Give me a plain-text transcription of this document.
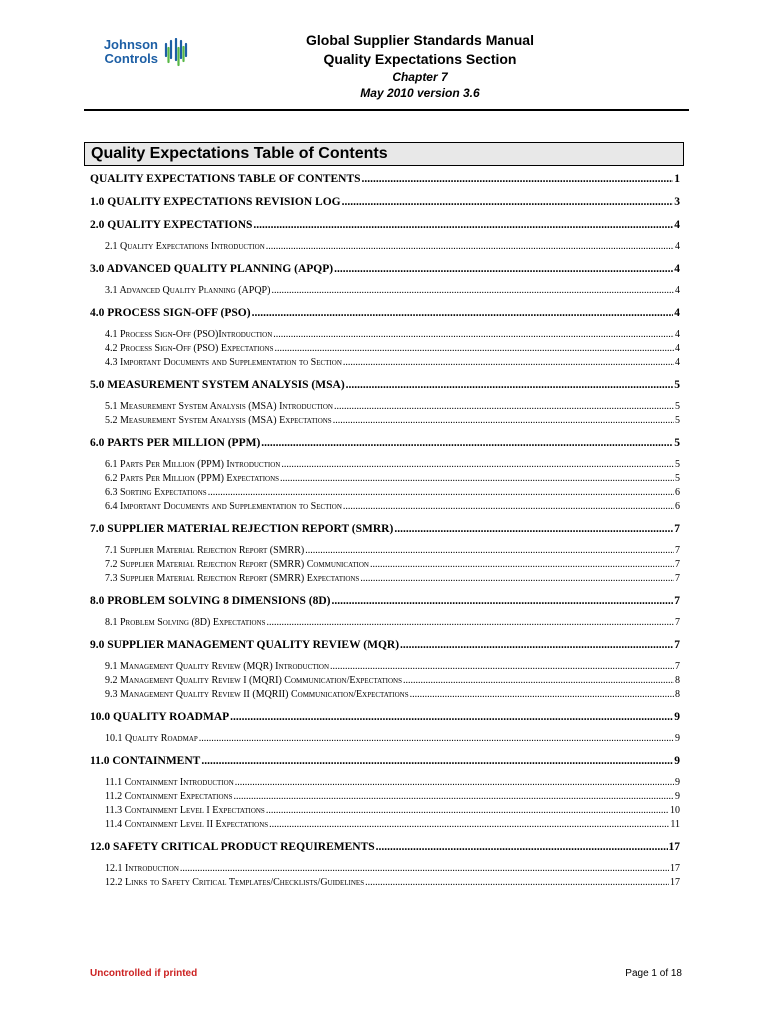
Johnson
Controls
Global Supplier Standards Manual
Quality Expectations Section
Chapter 7
May 2010 version 3.6
Quality Expectations Table of Contents
QUALITY EXPECTATIONS TABLE OF CONTENTS .....	1
1.0 QUALITY EXPECTATIONS REVISION LOG .....	3
2.0 QUALITY EXPECTATIONS .....	4
2.1 Quality Expectations Introduction .....	4
3.0 ADVANCED QUALITY PLANNING (APQP) .....	4
3.1 Advanced Quality Planning (APQP) .....	4
4.0 PROCESS SIGN-OFF (PSO) .....	4
4.1 Process Sign-Off (PSO)Introduction .....	4
4.2 Process Sign-Off (PSO) Expectations .....	4
4.3 Important Documents and Supplementation to Section .....	4
5.0 MEASUREMENT SYSTEM ANALYSIS (MSA) .....	5
5.1 Measurement System Analysis (MSA) Introduction .....	5
5.2 Measurement System Analysis (MSA) Expectations .....	5
6.0 PARTS PER MILLION (PPM) .....	5
6.1 Parts Per Million (PPM) Introduction .....	5
6.2 Parts Per Million (PPM) Expectations .....	5
6.3 Sorting Expectations .....	6
6.4 Important Documents and Supplementation to Section .....	6
7.0 SUPPLIER MATERIAL REJECTION REPORT (SMRR) .....	7
7.1 Supplier Material Rejection Report (SMRR) .....	7
7.2 Supplier Material Rejection Report (SMRR) Communication .....	7
7.3 Supplier Material Rejection Report (SMRR) Expectations .....	7
8.0 PROBLEM SOLVING 8 DIMENSIONS (8D) .....	7
8.1 Problem Solving (8D) Expectations .....	7
9.0 SUPPLIER MANAGEMENT QUALITY REVIEW (MQR) .....	7
9.1 Management Quality Review (MQR) Introduction .....	7
9.2 Management Quality Review I (MQRI) Communication/Expectations .....	8
9.3 Management Quality Review II (MQRII) Communication/Expectations .....	8
10.0 QUALITY ROADMAP .....	9
10.1 Quality Roadmap .....	9
11.0 CONTAINMENT .....	9
11.1 Containment Introduction .....	9
11.2 Containment Expectations .....	9
11.3 Containment Level I Expectations .....	10
11.4 Containment Level II Expectations .....	11
12.0 SAFETY CRITICAL PRODUCT REQUIREMENTS .....	17
12.1 Introduction .....	17
12.2 Links to Safety Critical Templates/Checklists/Guidelines .....	17
Uncontrolled if printed	Page 1 of 18
